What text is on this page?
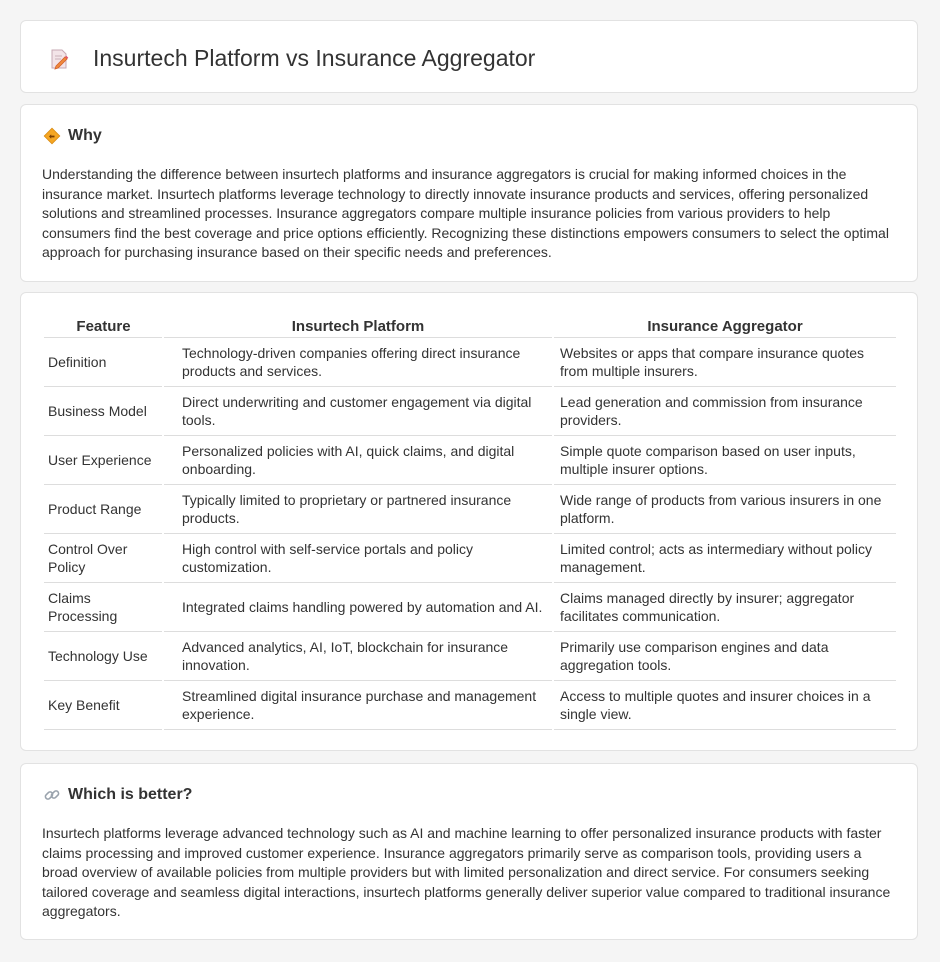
Insurtech Platform vs Insurance Aggregator
Why

Understanding the difference between insurtech platforms and insurance aggregators is crucial for making informed choices in the insurance market. Insurtech platforms leverage technology to directly innovate insurance products and services, offering personalized solutions and streamlined processes. Insurance aggregators compare multiple insurance policies from various providers to help consumers find the best coverage and price options efficiently. Recognizing these distinctions empowers consumers to select the optimal approach for purchasing insurance based on their specific needs and preferences.

Feature	Insurtech Platform	Insurance Aggregator
Definition	Technology-driven companies offering direct insurance products and services.	Websites or apps that compare insurance quotes from multiple insurers.
Business Model	Direct underwriting and customer engagement via digital tools.	Lead generation and commission from insurance providers.
User Experience	Personalized policies with AI, quick claims, and digital onboarding.	Simple quote comparison based on user inputs, multiple insurer options.
Product Range	Typically limited to proprietary or partnered insurance products.	Wide range of products from various insurers in one platform.
Control Over Policy	High control with self-service portals and policy customization.	Limited control; acts as intermediary without policy management.
Claims Processing	Integrated claims handling powered by automation and AI.	Claims managed directly by insurer; aggregator facilitates communication.
Technology Use	Advanced analytics, AI, IoT, blockchain for insurance innovation.	Primarily use comparison engines and data aggregation tools.
Key Benefit	Streamlined digital insurance purchase and management experience.	Access to multiple quotes and insurer choices in a single view.
Which is better?

Insurtech platforms leverage advanced technology such as AI and machine learning to offer personalized insurance products with faster claims processing and improved customer experience. Insurance aggregators primarily serve as comparison tools, providing users a broad overview of available policies from multiple providers but with limited personalization and direct service. For consumers seeking tailored coverage and seamless digital interactions, insurtech platforms generally deliver superior value compared to traditional insurance aggregators.
